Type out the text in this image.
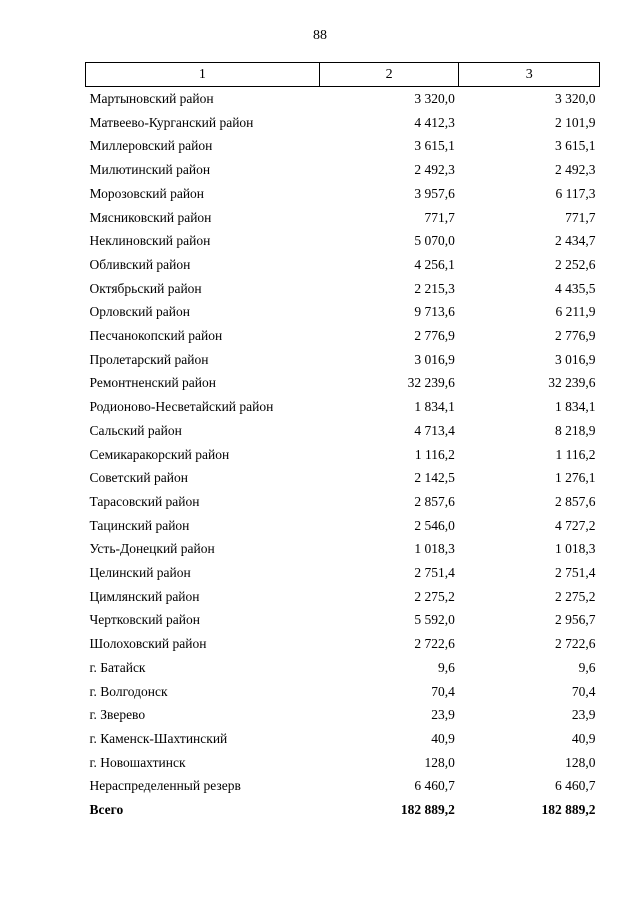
88
1	2	3
Мартыновский район	3 320,0	3 320,0
Матвеево-Курганский район	4 412,3	2 101,9
Миллеровский район	3 615,1	3 615,1
Милютинский район	2 492,3	2 492,3
Морозовский район	3 957,6	6 117,3
Мясниковский район	771,7	771,7
Неклиновский район	5 070,0	2 434,7
Обливский район	4 256,1	2 252,6
Октябрьский район	2 215,3	4 435,5
Орловский район	9 713,6	6 211,9
Песчанокопский район	2 776,9	2 776,9
Пролетарский район	3 016,9	3 016,9
Ремонтненский район	32 239,6	32 239,6
Родионово-Несветайский район	1 834,1	1 834,1
Сальский район	4 713,4	8 218,9
Семикаракорский район	1 116,2	1 116,2
Советский район	2 142,5	1 276,1
Тарасовский район	2 857,6	2 857,6
Тацинский район	2 546,0	4 727,2
Усть-Донецкий район	1 018,3	1 018,3
Целинский район	2 751,4	2 751,4
Цимлянский район	2 275,2	2 275,2
Чертковский район	5 592,0	2 956,7
Шолоховский район	2 722,6	2 722,6
г. Батайск	9,6	9,6
г. Волгодонск	70,4	70,4
г. Зверево	23,9	23,9
г. Каменск-Шахтинский	40,9	40,9
г. Новошахтинск	128,0	128,0
Нераспределенный резерв	6 460,7	6 460,7
Всего	182 889,2	182 889,2
